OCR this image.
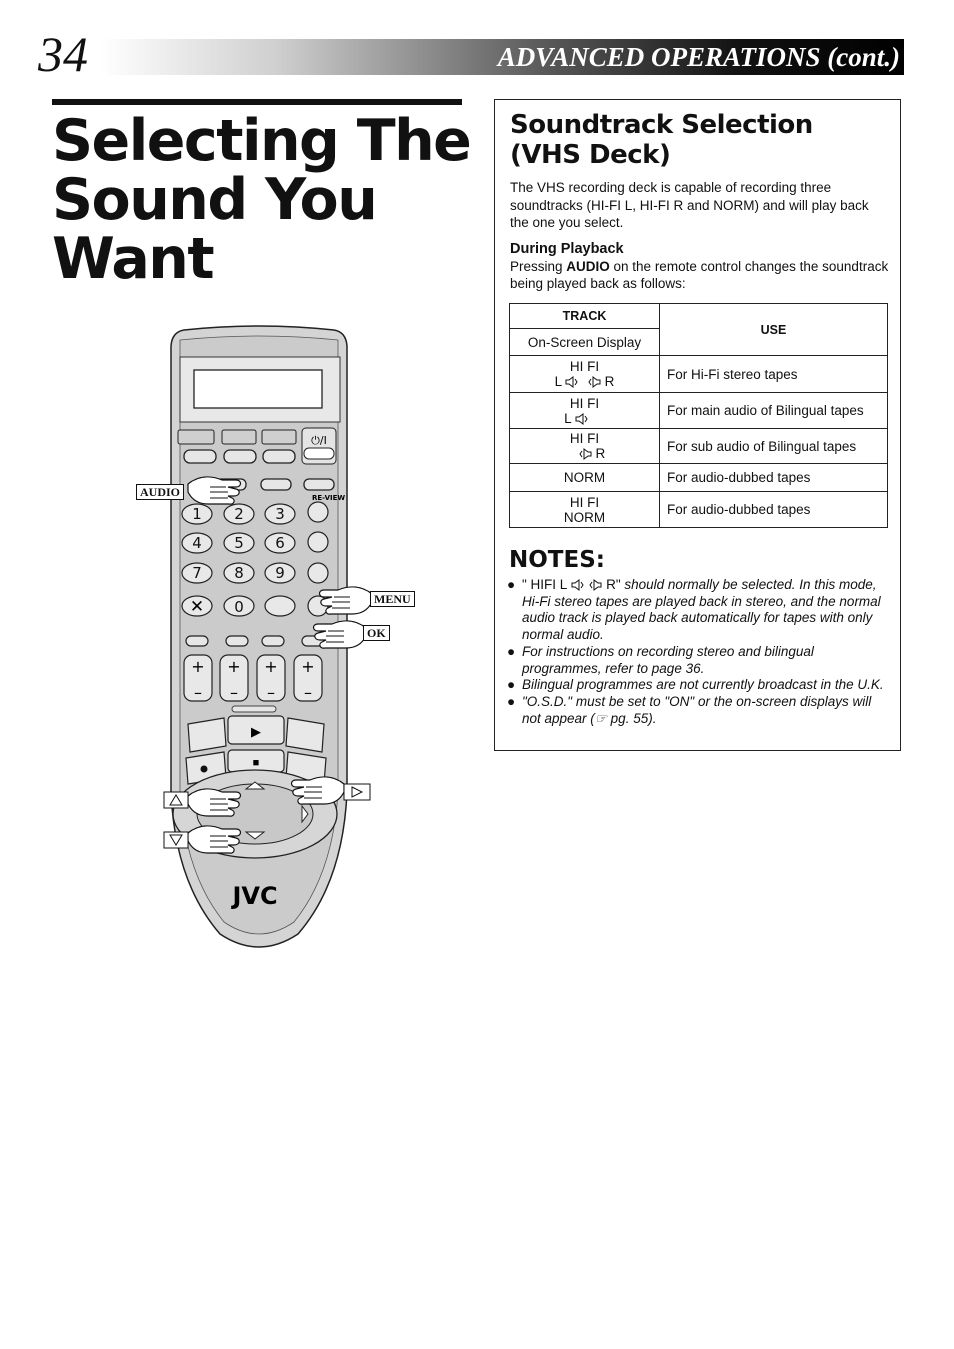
34	ADVANCED OPERATIONS (cont.)
Selecting The Sound You Want
⏻/I
RE-VIEW
1 2 3
4 5 6
7 8 9
0
✕
+ + + +
– – – –
▶
■
JVC
AUDIO
MENU
OK
Soundtrack Selection (VHS Deck)

The VHS recording deck is capable of recording three soundtracks (HI-FI L, HI-FI R and NORM) and will play back the one you select.

During Playback

Pressing AUDIO on the remote control changes the soundtrack being played back as follows:

TRACK	USE
On-Screen Display	
HI FI
L R	For Hi-Fi stereo tapes
HI FI
L	For main audio of Bilingual tapes
HI FI
R	For sub audio of Bilingual tapes
NORM	For audio-dubbed tapes
HI FI
NORM	For audio-dubbed tapes
NOTES:
● " HIFI L   R" should normally be selected. In this mode, Hi-Fi stereo tapes are played back in stereo, and the normal audio track is played back automatically for tapes with only normal audio.
● For instructions on recording stereo and bilingual programmes, refer to page 36.
● Bilingual programmes are not currently broadcast in the U.K.
● "O.S.D." must be set to "ON" or the on-screen displays will not appear (☞ pg. 55).
